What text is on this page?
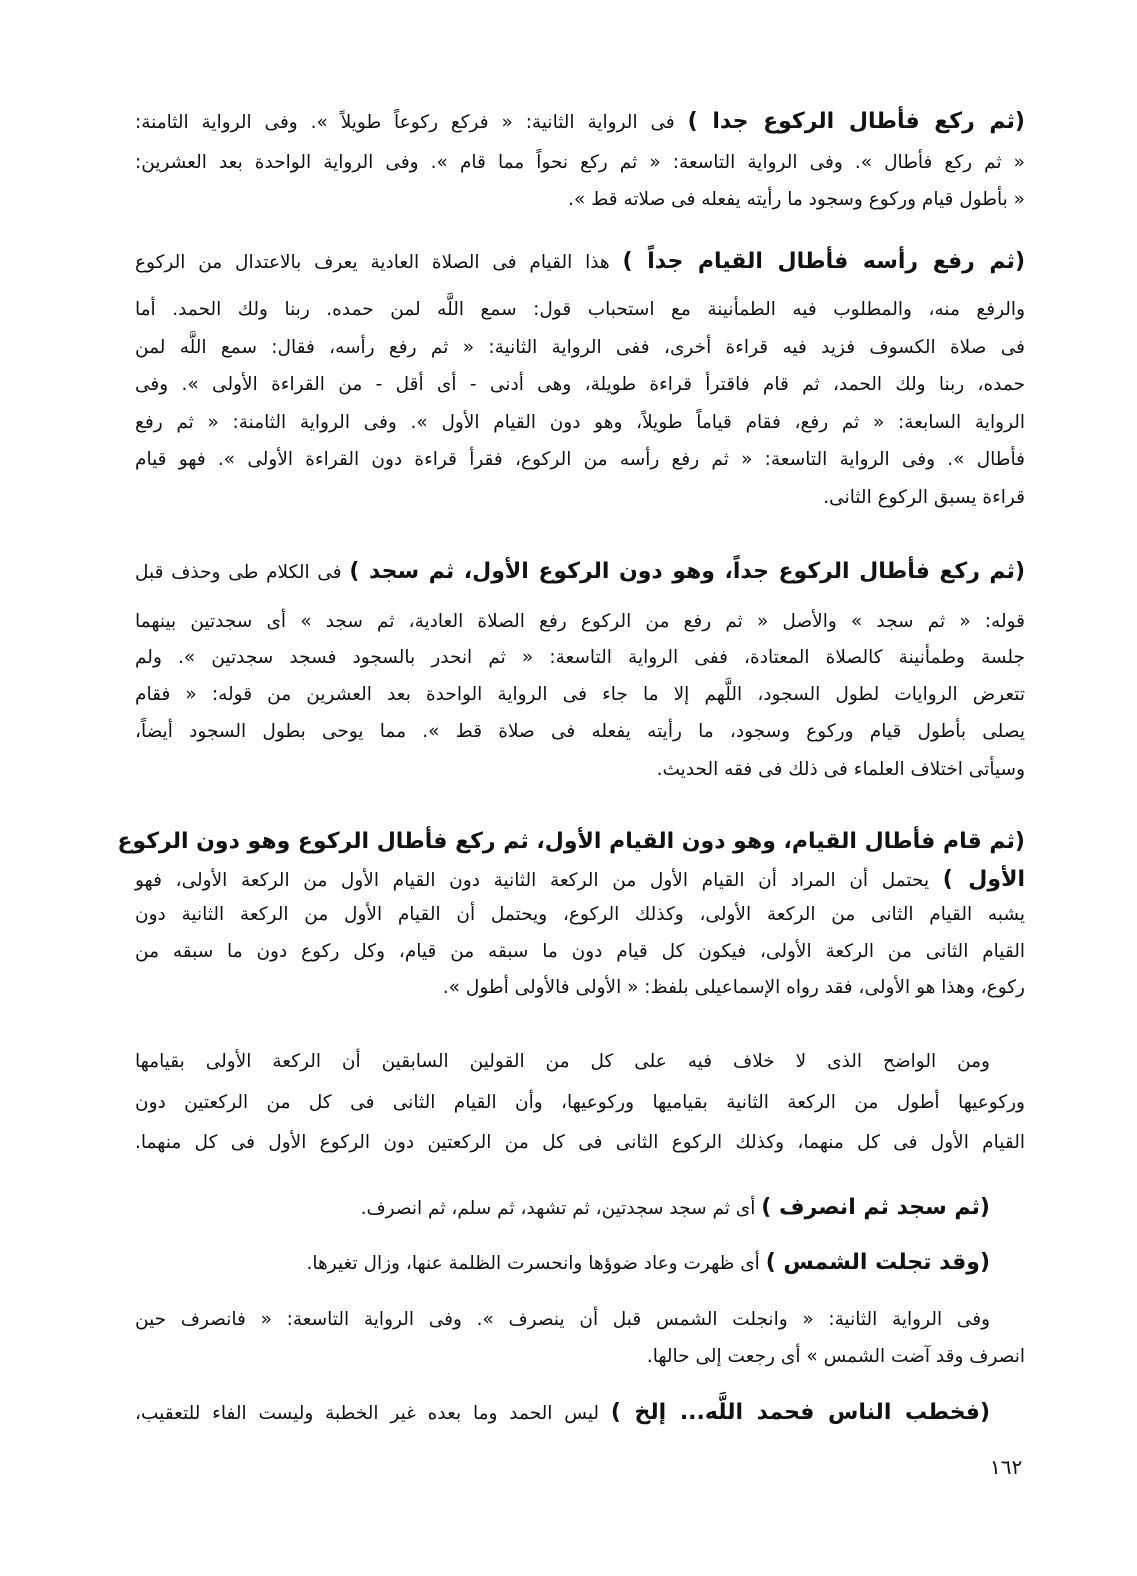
(ثم ركع فأطال الركوع جدا ) فى الرواية الثانية: « فركع ركوعاً طويلاً ». وفى الرواية الثامنة:
« ثم ركع فأطال ». وفى الرواية التاسعة: « ثم ركع نحواً مما قام ». وفى الرواية الواحدة بعد العشرين:
« بأطول قيام وركوع وسجود ما رأيته يفعله فى صلاته قط ».
(ثم رفع رأسه فأطال القيام جداً ) هذا القيام فى الصلاة العادية يعرف بالاعتدال من الركوع
والرفع منه، والمطلوب فيه الطمأنينة مع استحباب قول: سمع اللَّه لمن حمده. ربنا ولك الحمد. أما
فى صلاة الكسوف فزيد فيه قراءة أخرى، ففى الرواية الثانية: « ثم رفع رأسه، فقال: سمع اللَّه لمن
حمده، ربنا ولك الحمد، ثم قام فاقترأ قراءة طويلة، وهى أدنى - أى أقل - من القراءة الأولى ». وفى
الرواية السابعة: « ثم رفع، فقام قياماً طويلاً، وهو دون القيام الأول ». وفى الرواية الثامنة: « ثم رفع
فأطال ». وفى الرواية التاسعة: « ثم رفع رأسه من الركوع، فقرأ قراءة دون القراءة الأولى ». فهو قيام
قراءة يسبق الركوع الثانى.
(ثم ركع فأطال الركوع جداً، وهو دون الركوع الأول، ثم سجد ) فى الكلام طى وحذف قبل
قوله: « ثم سجد » والأصل « ثم رفع من الركوع رفع الصلاة العادية، ثم سجد » أى سجدتين بينهما
جلسة وطمأنينة كالصلاة المعتادة، ففى الرواية التاسعة: « ثم انحدر بالسجود فسجد سجدتين ». ولم
تتعرض الروايات لطول السجود، اللَّهم إلا ما جاء فى الرواية الواحدة بعد العشرين من قوله: « فقام
يصلى بأطول قيام وركوع وسجود، ما رأيته يفعله فى صلاة قط ». مما يوحى بطول السجود أيضاً،
وسيأتى اختلاف العلماء فى ذلك فى فقه الحديث.
(ثم قام فأطال القيام، وهو دون القيام الأول، ثم ركع فأطال الركوع وهو دون الركوع
الأول ) يحتمل أن المراد أن القيام الأول من الركعة الثانية دون القيام الأول من الركعة الأولى، فهو
يشبه القيام الثانى من الركعة الأولى، وكذلك الركوع، ويحتمل أن القيام الأول من الركعة الثانية دون
القيام الثانى من الركعة الأولى، فيكون كل قيام دون ما سبقه من قيام، وكل ركوع دون ما سبقه من
ركوع، وهذا هو الأولى، فقد رواه الإسماعيلى بلفظ: « الأولى فالأولى أطول ».
ومن الواضح الذى لا خلاف فيه على كل من القولين السابقين أن الركعة الأولى بقيامها
وركوعيها أطول من الركعة الثانية بقياميها وركوعيها، وأن القيام الثانى فى كل من الركعتين دون
القيام الأول فى كل منهما، وكذلك الركوع الثانى فى كل من الركعتين دون الركوع الأول فى كل منهما.
(ثم سجد ثم انصرف ) أى ثم سجد سجدتين، ثم تشهد، ثم سلم، ثم انصرف.
(وقد تجلت الشمس ) أى ظهرت وعاد ضوؤها وانحسرت الظلمة عنها، وزال تغيرها.
وفى الرواية الثانية: « وانجلت الشمس قبل أن ينصرف ». وفى الرواية التاسعة: « فانصرف حين
انصرف وقد آضت الشمس » أى رجعت إلى حالها.
(فخطب الناس فحمد اللَّه... إلخ ) ليس الحمد وما بعده غير الخطبة وليست الفاء للتعقيب،
١٦٢
